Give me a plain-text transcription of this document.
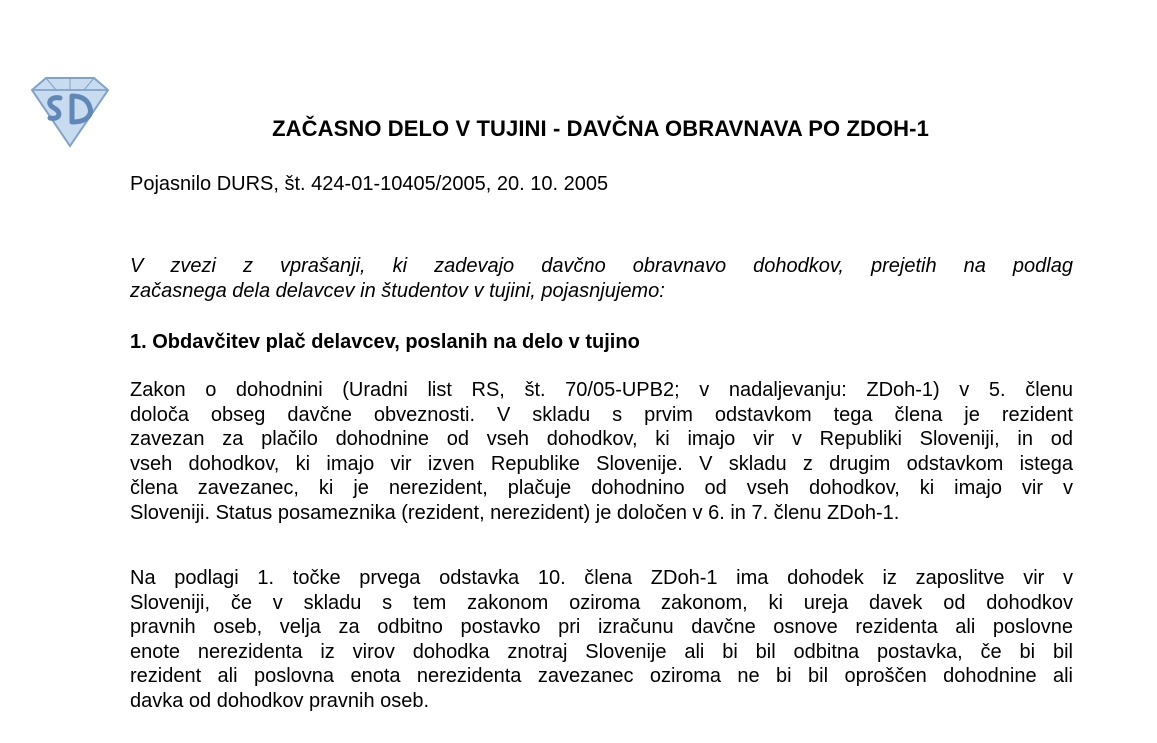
ZAČASNO DELO V TUJINI - DAVČNA OBRAVNAVA PO ZDOH-1
Pojasnilo DURS, št. 424-01-10405/2005, 20. 10. 2005
V zvezi z vprašanji, ki zadevajo davčno obravnavo dohodkov, prejetih na podlag
začasnega dela delavcev in študentov v tujini, pojasnjujemo:
1. Obdavčitev plač delavcev, poslanih na delo v tujino
Zakon o dohodnini (Uradni list RS, št. 70/05-UPB2; v nadaljevanju: ZDoh-1) v 5. členu
določa obseg davčne obveznosti. V skladu s prvim odstavkom tega člena je rezident
zavezan za plačilo dohodnine od vseh dohodkov, ki imajo vir v Republiki Sloveniji, in od
vseh dohodkov, ki imajo vir izven Republike Slovenije. V skladu z drugim odstavkom istega
člena zavezanec, ki je nerezident, plačuje dohodnino od vseh dohodkov, ki imajo vir v
Sloveniji. Status posameznika (rezident, nerezident) je določen v 6. in 7. členu ZDoh-1.
Na podlagi 1. točke prvega odstavka 10. člena ZDoh-1 ima dohodek iz zaposlitve vir v
Sloveniji, če v skladu s tem zakonom oziroma zakonom, ki ureja davek od dohodkov
pravnih oseb, velja za odbitno postavko pri izračunu davčne osnove rezidenta ali poslovne
enote nerezidenta iz virov dohodka znotraj Slovenije ali bi bil odbitna postavka, če bi bil
rezident ali poslovna enota nerezidenta zavezanec oziroma ne bi bil oproščen dohodnine ali
davka od dohodkov pravnih oseb.
